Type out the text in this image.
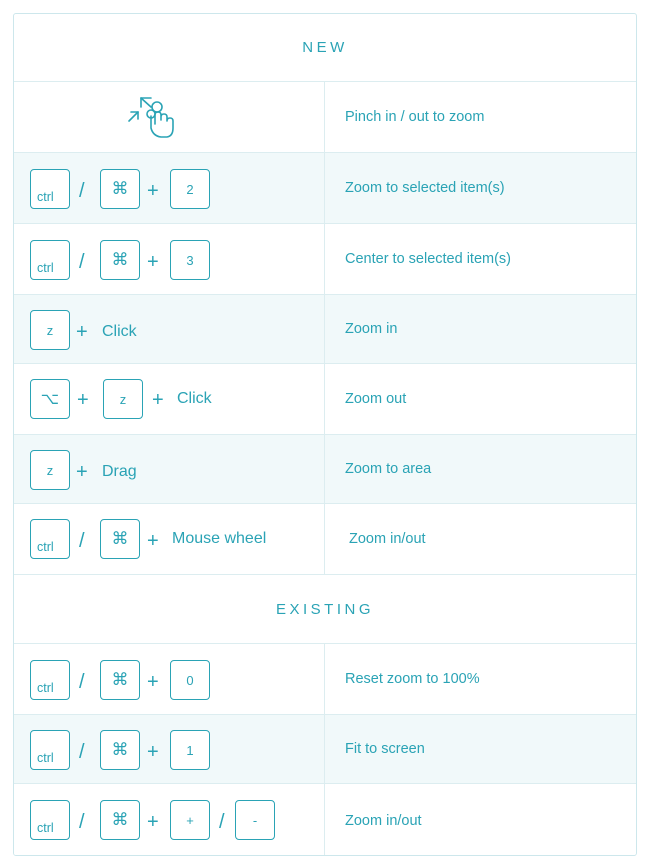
NEW
Pinch in / out to zoom
ctrl /	⌘ +	2	Zoom to selected item(s)
ctrl /	⌘ +	3	Center to selected item(s)
z	+ Click	Zoom in
⌥ +	z	+ Click	Zoom out
z	+ Drag	Zoom to area
ctrl /	⌘ + Mouse wheel	Zoom in/out
EXISTING
ctrl /	⌘ +	0	Reset zoom to 100%
ctrl /	⌘ +	1	Fit to screen
ctrl /	⌘ +	+	/	-	Zoom in/out
